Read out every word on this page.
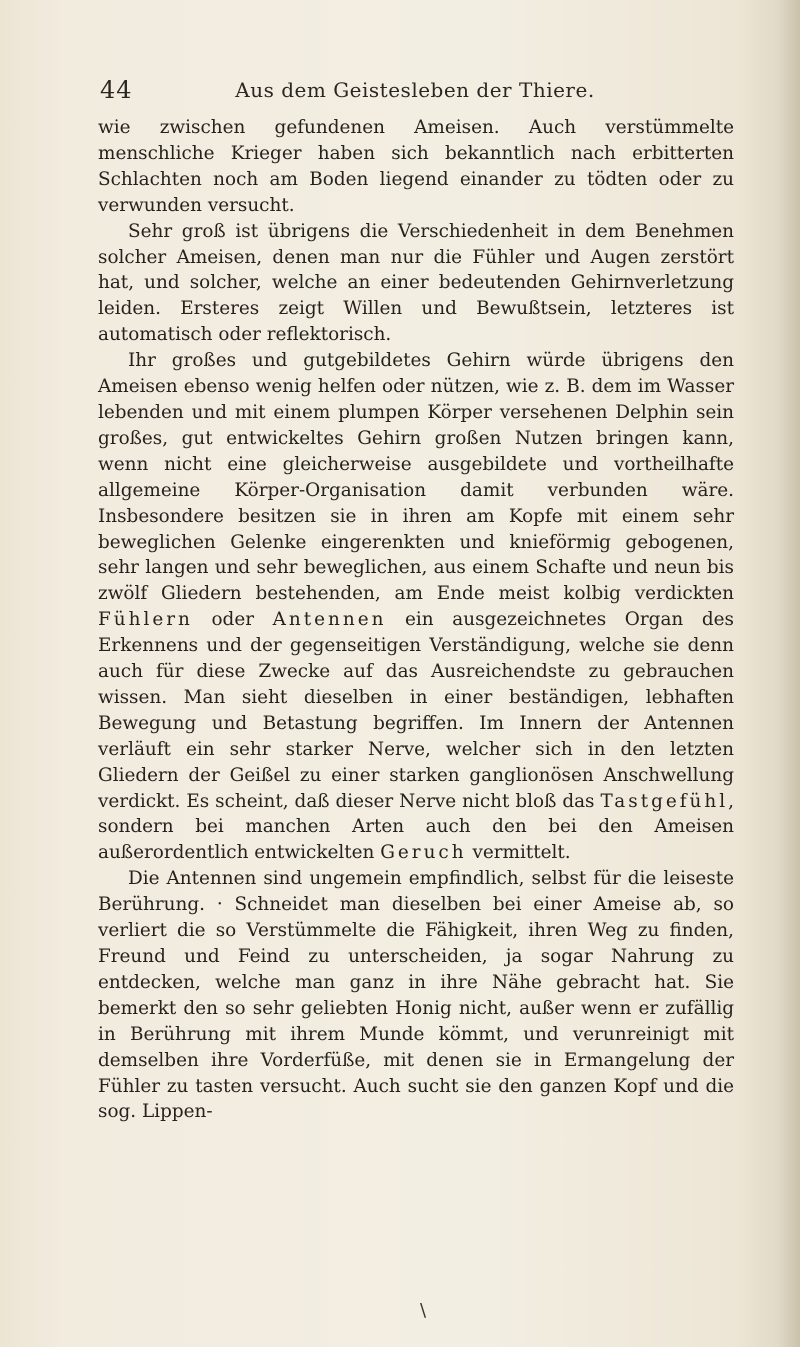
44	Aus dem Geistesleben der Thiere.

wie zwischen gefundenen Ameisen. Auch verstümmelte menschliche Krieger haben sich bekanntlich nach erbitterten Schlachten noch am Boden liegend einander zu tödten oder zu verwunden versucht.

Sehr groß ist übrigens die Verschiedenheit in dem Benehmen solcher Ameisen, denen man nur die Fühler und Augen zerstört hat, und solcher, welche an einer bedeutenden Gehirnverletzung leiden. Ersteres zeigt Willen und Bewußtsein, letzteres ist automatisch oder reflektorisch.

Ihr großes und gutgebildetes Gehirn würde übrigens den Ameisen ebenso wenig helfen oder nützen, wie z. B. dem im Wasser lebenden und mit einem plumpen Körper versehenen Delphin sein großes, gut entwickeltes Gehirn großen Nutzen bringen kann, wenn nicht eine gleicherweise ausgebildete und vortheilhafte allgemeine Körper-Organisation damit verbunden wäre. Insbesondere besitzen sie in ihren am Kopfe mit einem sehr beweglichen Gelenke eingerenkten und knieförmig gebogenen, sehr langen und sehr beweglichen, aus einem Schafte und neun bis zwölf Gliedern bestehenden, am Ende meist kolbig verdickten Fühlern oder Antennen ein ausgezeichnetes Organ des Erkennens und der gegenseitigen Verständigung, welche sie denn auch für diese Zwecke auf das Ausreichendste zu gebrauchen wissen. Man sieht dieselben in einer beständigen, lebhaften Bewegung und Betastung begriffen. Im Innern der Antennen verläuft ein sehr starker Nerve, welcher sich in den letzten Gliedern der Geißel zu einer starken ganglionösen Anschwellung verdickt. Es scheint, daß dieser Nerve nicht bloß das Tastgefühl, sondern bei manchen Arten auch den bei den Ameisen außerordentlich entwickelten Geruch vermittelt.

Die Antennen sind ungemein empfindlich, selbst für die leiseste Berührung. · Schneidet man dieselben bei einer Ameise ab, so verliert die so Verstümmelte die Fähigkeit, ihren Weg zu finden, Freund und Feind zu unterscheiden, ja sogar Nahrung zu entdecken, welche man ganz in ihre Nähe gebracht hat. Sie bemerkt den so sehr geliebten Honig nicht, außer wenn er zufällig in Berührung mit ihrem Munde kömmt, und verunreinigt mit demselben ihre Vorderfüße, mit denen sie in Ermangelung der Fühler zu tasten versucht. Auch sucht sie den ganzen Kopf und die sog. Lippen-

\
